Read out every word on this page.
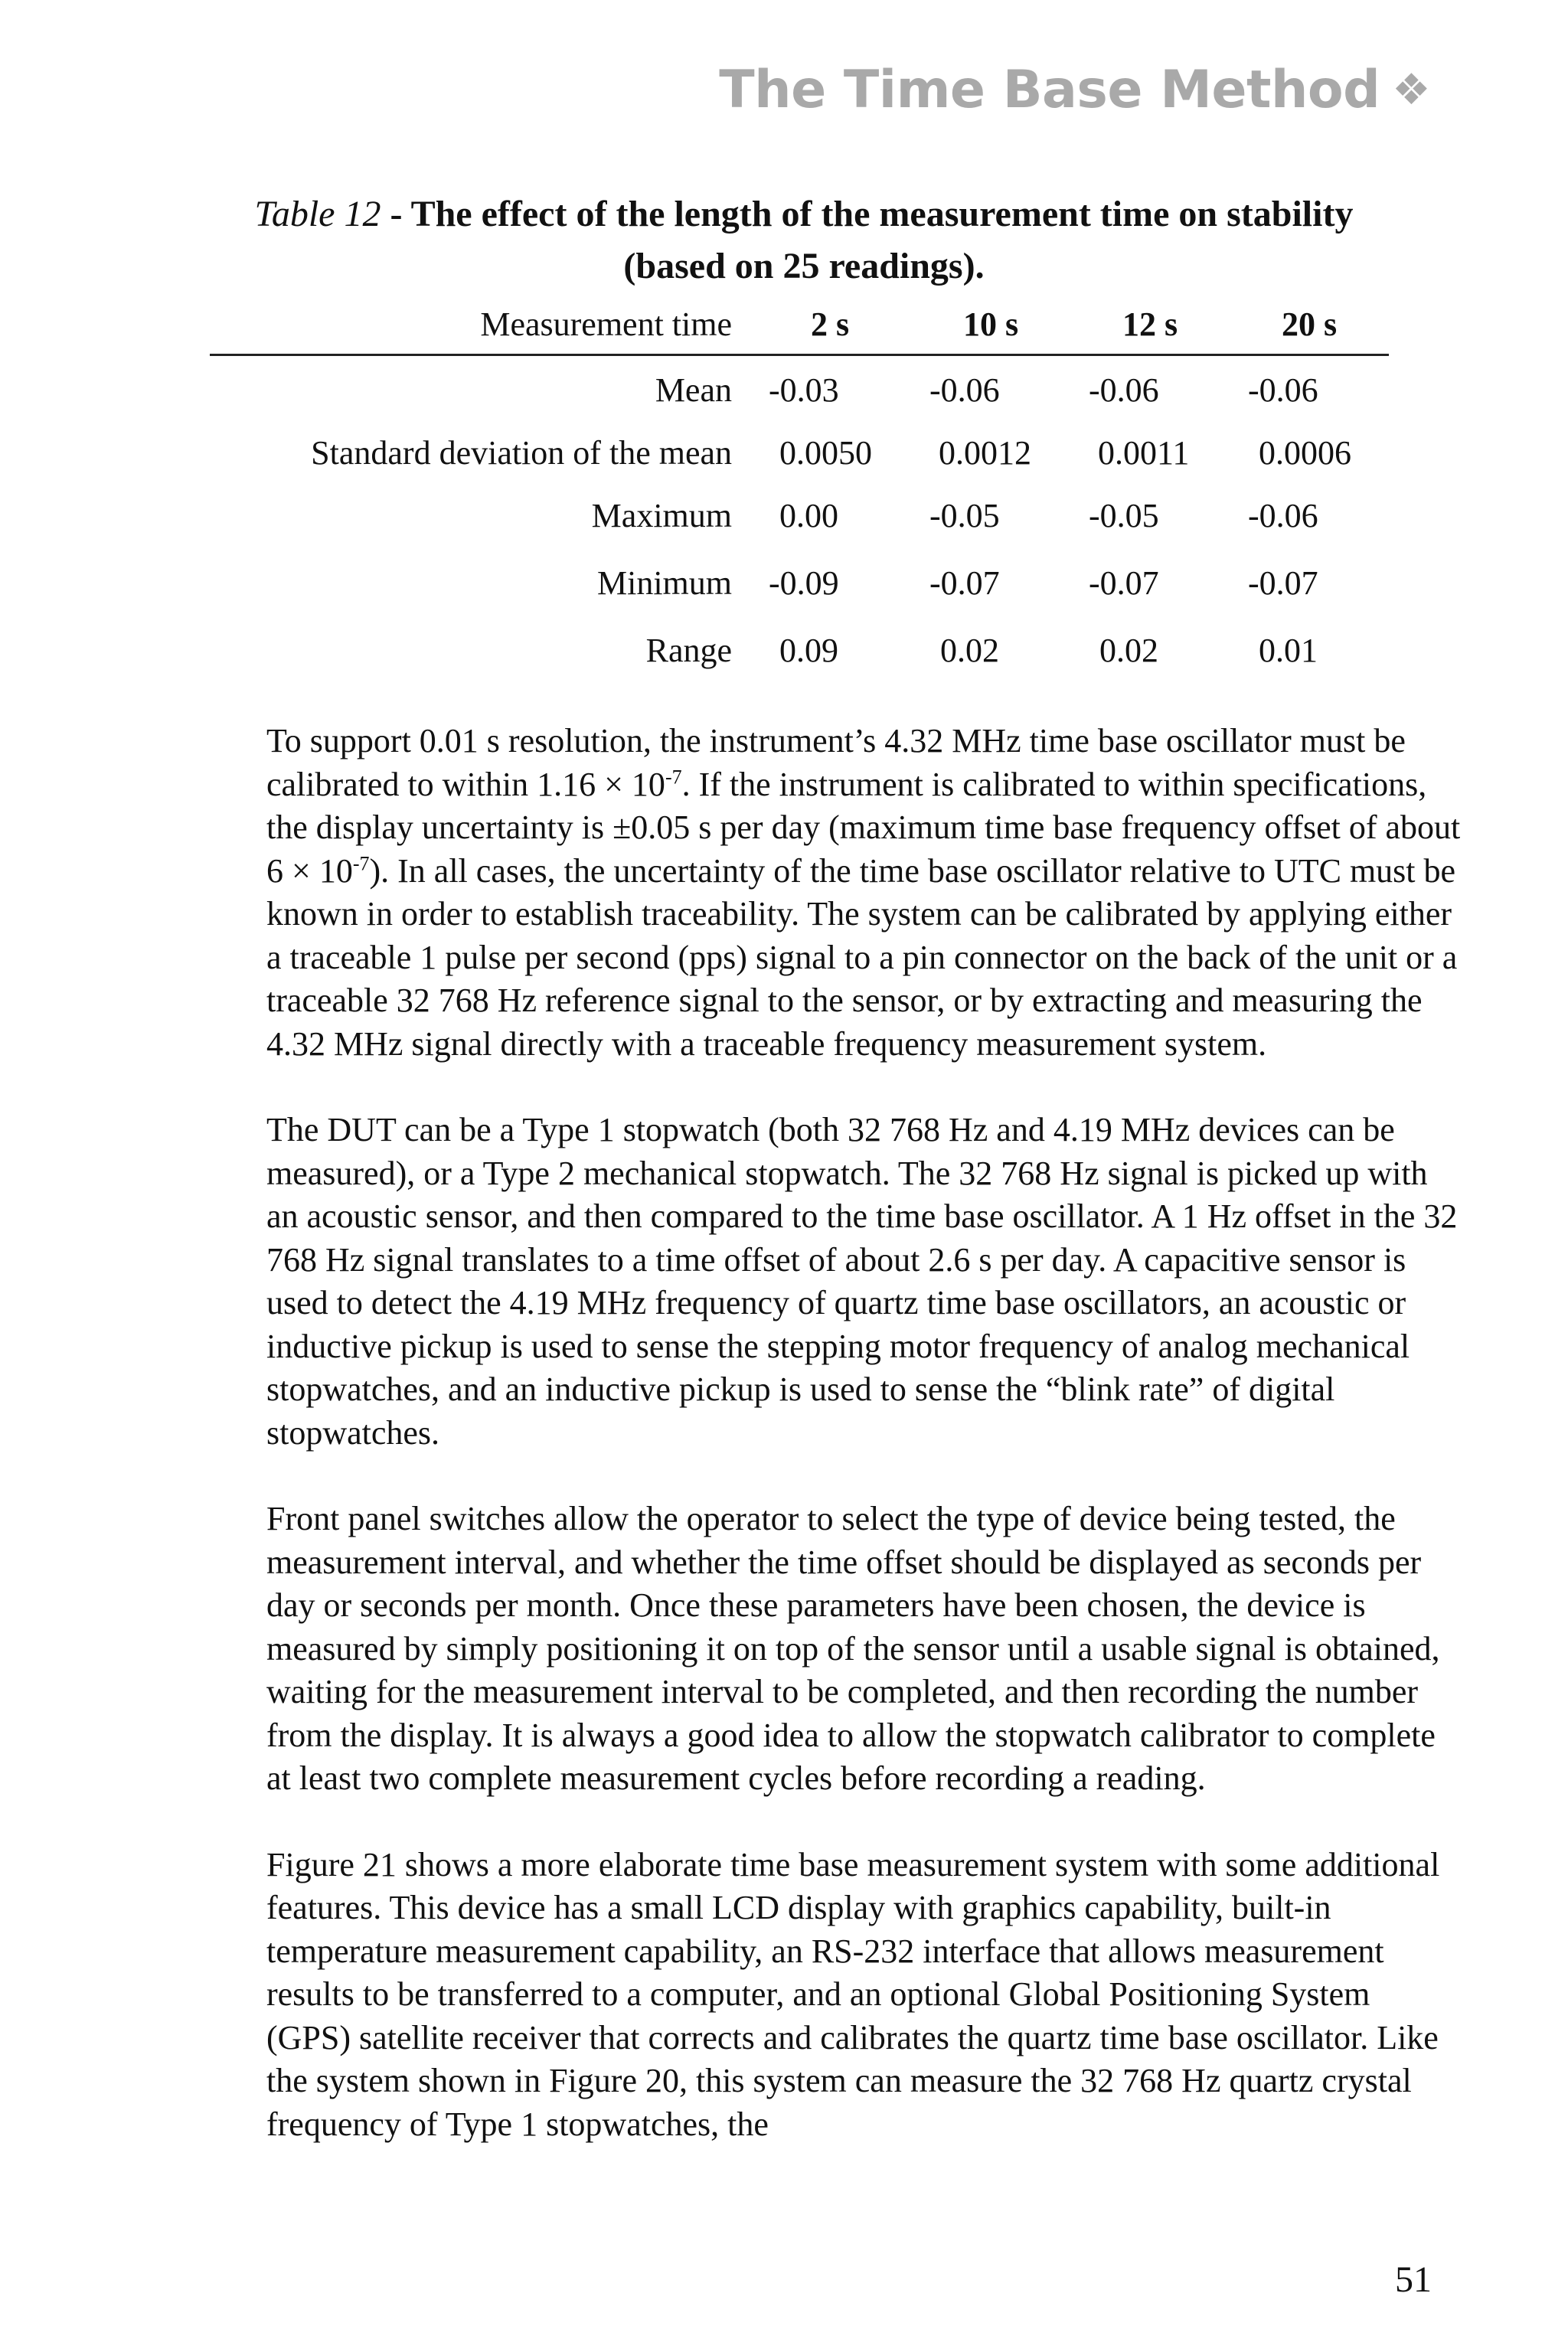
The Time Base Method ❖
Table 12 - The effect of the length of the measurement time on stability (based on 25 readings).
Measurement time	2 s	10 s	12 s	20 s
Mean -0.03	-0.06	-0.06	-0.06
Standard deviation of the mean 0.0050 0.0012 0.0011 0.0006
Maximum 0.00	-0.05	-0.05	-0.06
Minimum -0.09	-0.07	-0.07	-0.07
Range 0.09	0.02	0.02	0.01

To support 0.01 s resolution, the instrument’s 4.32 MHz time base oscillator must be calibrated to within $1.16 \times 10^{-7}$. If the instrument is calibrated to within specifications, the display uncertainty is ±0.05 s per day (maximum time base frequency offset of about $6 \times 10^{-7}$). In all cases, the uncertainty of the time base oscillator relative to UTC must be known in order to establish traceability. The system can be calibrated by applying either a traceable 1 pulse per second (pps) signal to a pin connector on the back of the unit or a traceable 32 768 Hz reference signal to the sensor, or by extracting and measuring the 4.32 MHz signal directly with a traceable frequency measurement system.

The DUT can be a Type 1 stopwatch (both 32 768 Hz and 4.19 MHz devices can be measured), or a Type 2 mechanical stopwatch. The 32 768 Hz signal is picked up with an acoustic sensor, and then compared to the time base oscillator. A 1 Hz offset in the 32 768 Hz signal translates to a time offset of about 2.6 s per day. A capacitive sensor is used to detect the 4.19 MHz frequency of quartz time base oscillators, an acoustic or inductive pickup is used to sense the stepping motor frequency of analog mechanical stopwatches, and an inductive pickup is used to sense the “blink rate” of digital stopwatches.

Front panel switches allow the operator to select the type of device being tested, the measurement interval, and whether the time offset should be displayed as seconds per day or seconds per month. Once these parameters have been chosen, the device is measured by simply positioning it on top of the sensor until a usable signal is obtained, waiting for the measurement interval to be completed, and then recording the number from the display. It is always a good idea to allow the stopwatch calibrator to complete at least two complete measurement cycles before recording a reading.

Figure 21 shows a more elaborate time base measurement system with some additional features. This device has a small LCD display with graphics capability, built-in temperature measurement capability, an RS-232 interface that allows measurement results to be transferred to a computer, and an optional Global Positioning System (GPS) satellite receiver that corrects and calibrates the quartz time base oscillator. Like the system shown in Figure 20, this system can measure the 32 768 Hz quartz crystal frequency of Type 1 stopwatches, the

51
